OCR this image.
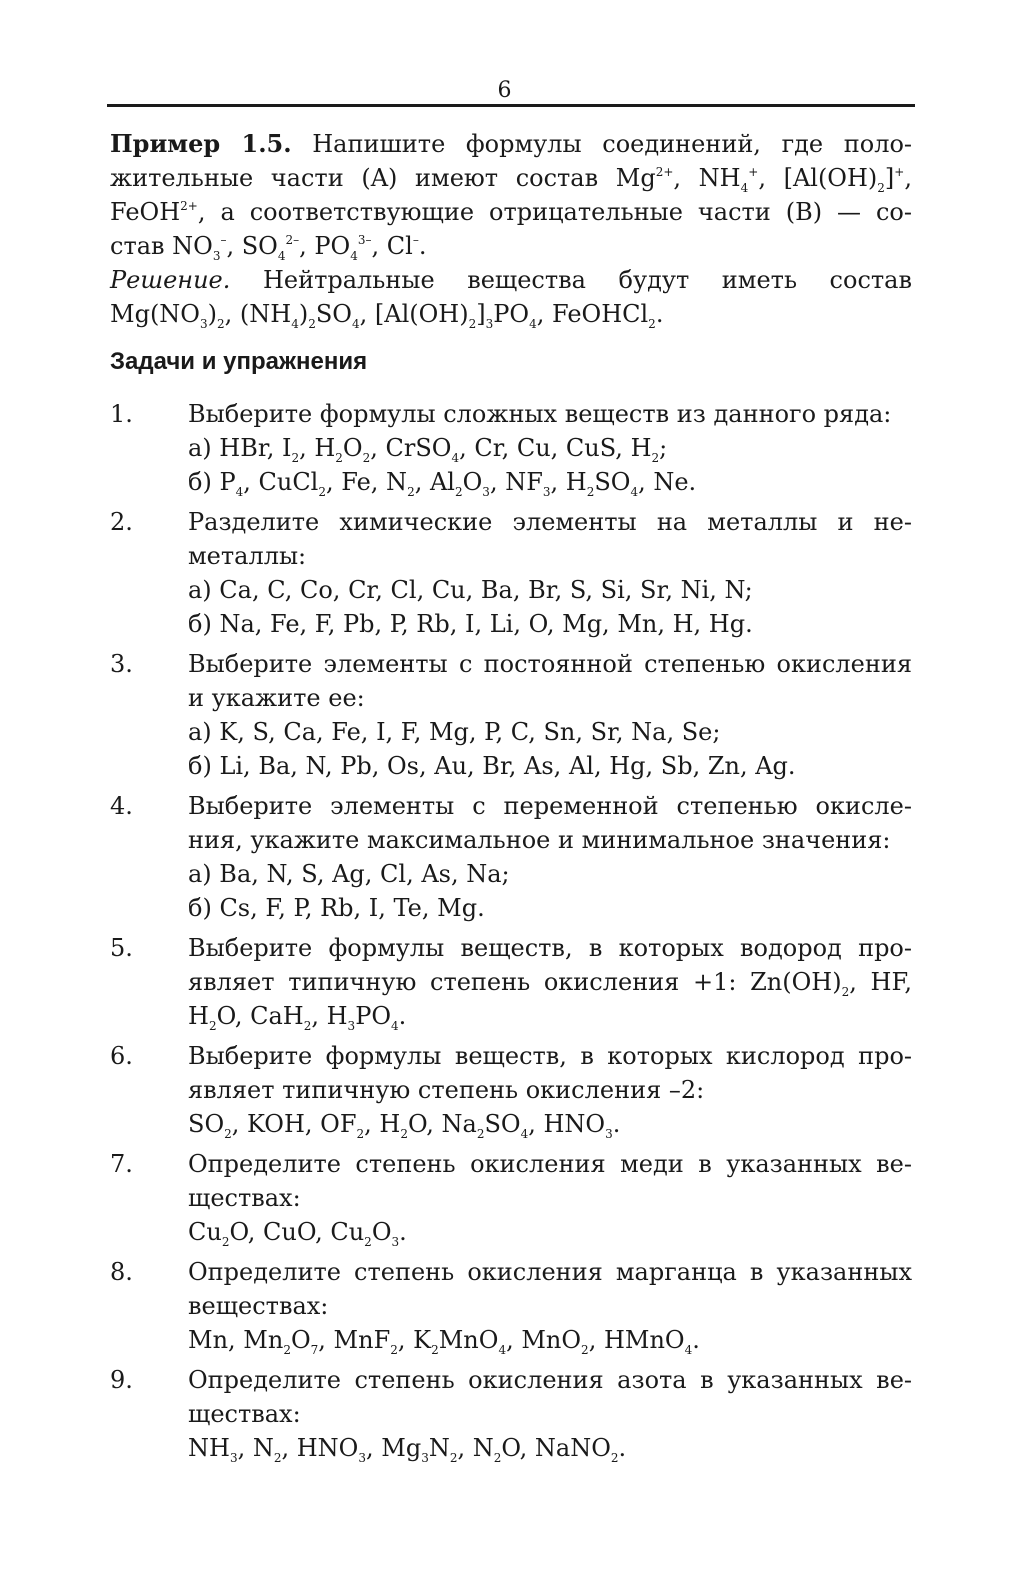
6

Пример 1.5. Напишите формулы соединений, где поло-

жительные части (A) имеют состав $Mg^{2+}$, $NH_4^+$, $[Al(OH)_2]^+$,

FeOH$^{2+}$, а соответствующие отрицательные части (B) — со-

став $NO_3^-$, $SO_4^{2-}$, $PO_4^{3-}$, Cl–.

Решение. Нейтральные вещества будут иметь состав

$Mg(NO_3)_2$, $(NH_4)_2SO_4$, $[Al(OH)_2]_3PO_4$, FeOHCl$_2$.

Задачи и упражнения
1.	Выберите формулы сложных веществ из данного ряда:

а) HBr, $I_2$, $H_2O_2$, CrSO$_4$, Cr, Cu, CuS, $H_2$;

б) $P_4$, CuCl$_2$, Fe, $N_2$, $Al_2O_3$, $NF_3$, $H_2SO_4$, Ne.

2.	Разделите химические элементы на металлы и не-

металлы:

а) Ca, C, Co, Cr, Cl, Cu, Ba, Br, S, Si, Sr, Ni, N;

б) Na, Fe, F, Pb, P, Rb, I, Li, O, Mg, Mn, H, Hg.

3.	Выберите элементы с постоянной степенью окисления

и укажите ее:

а) K, S, Ca, Fe, I, F, Mg, P, C, Sn, Sr, Na, Se;

б) Li, Ba, N, Pb, Os, Au, Br, As, Al, Hg, Sb, Zn, Ag.

4.	Выберите элементы с переменной степенью окисле-

ния, укажите максимальное и минимальное значения:

а) Ba, N, S, Ag, Cl, As, Na;

б) Cs, F, P, Rb, I, Te, Mg.

5.	Выберите формулы веществ, в которых водород про-

являет типичную степень окисления +1: $Zn(OH)_2$, HF,

$H_2O$, CaH$_2$, $H_3PO_4$.

6.	Выберите формулы веществ, в которых кислород про-

являет типичную степень окисления –2:

$SO_2$, KOH, $OF_2$, $H_2O$, $Na_2SO_4$, $HNO_3$.

7.	Определите степень окисления меди в указанных ве-

ществах:

$Cu_2O$, CuO, $Cu_2O_3$.

8.	Определите степень окисления марганца в указанных

веществах:

Mn, $Mn_2O_7$, MnF$_2$, $K_2MnO_4$, MnO$_2$, HMnO$_4$.

9.	Определите степень окисления азота в указанных ве-

ществах:

$NH_3$, $N_2$, $HNO_3$, $Mg_3N_2$, $N_2O$, NaNO$_2$.
